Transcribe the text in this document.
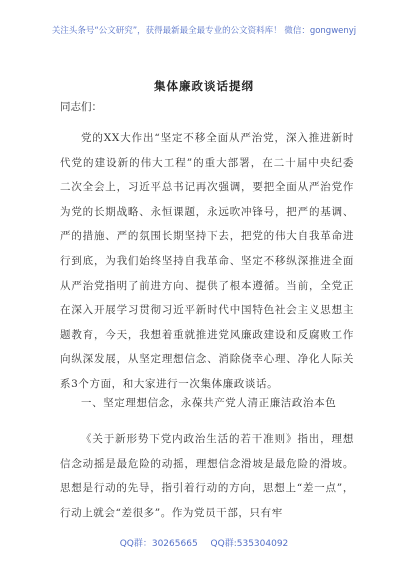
关注头条号“公文研究”，获得最新最全最专业的公文资料库！ 微信：gongwenyj
集体廉政谈话提纲
同志们：

党的XX大作出“坚定不移全面从严治党，深入推进新时代党的建设新的伟大工程”的重大部署，在二十届中央纪委二次全会上，习近平总书记再次强调，要把全面从严治党作为党的长期战略、永恒课题，永远吹冲锋号，把严的基调、严的措施、严的氛围长期坚持下去，把党的伟大自我革命进行到底，为我们始终坚持自我革命、坚定不移纵深推进全面从严治党指明了前进方向、提供了根本遵循。当前，全党正在深入开展学习贯彻习近平新时代中国特色社会主义思想主题教育，今天，我想着重就推进党风廉政建设和反腐败工作向纵深发展，从坚定理想信念、消除侥幸心理、净化人际关系3个方面，和大家进行一次集体廉政谈话。

一、坚定理想信念，永葆共产党人清正廉洁政治本色

《关于新形势下党内政治生活的若干准则》指出，理想信念动摇是最危险的动摇，理想信念滑坡是最危险的滑坡。思想是行动的先导，指引着行动的方向，思想上“差一点”，行动上就会“差很多”。作为党员干部，只有牢

QQ群：30265665 QQ群:535304092
